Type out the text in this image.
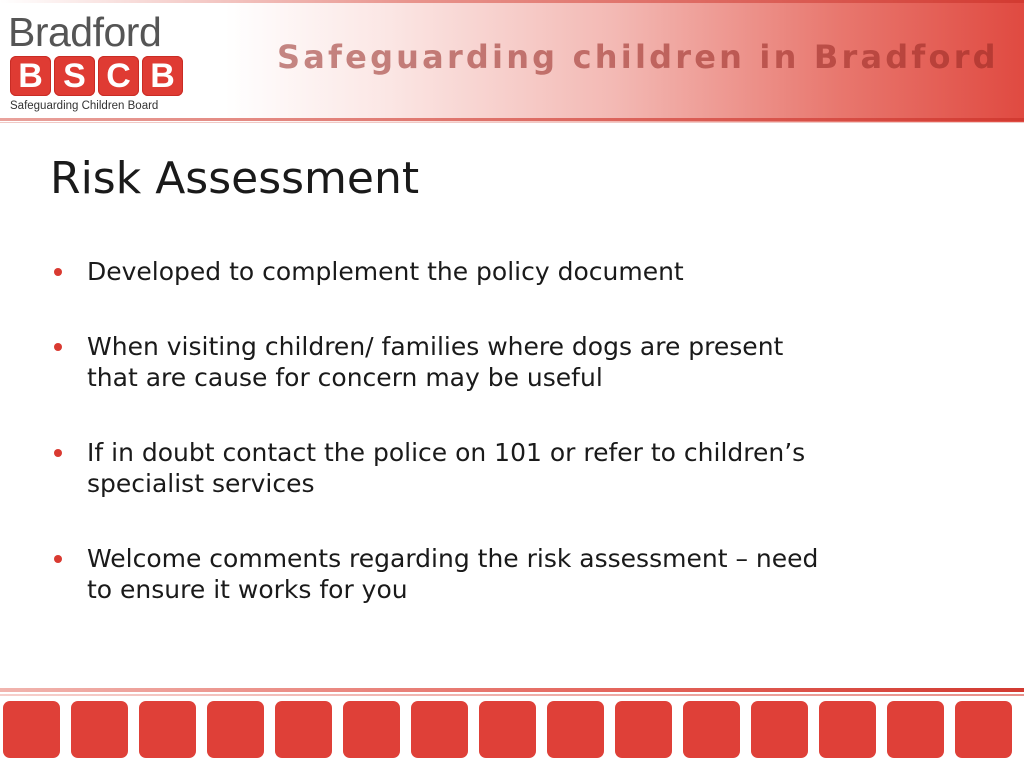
Bradford
B S C B
Safeguarding Children Board
Safeguarding children in Bradford
Risk Assessment
Developed to complement the policy document
When visiting children/ families where dogs are present
that are cause for concern may be useful
If in doubt contact the police on 101 or refer to children’s
specialist services
Welcome comments regarding the risk assessment – need
to ensure it works for you
